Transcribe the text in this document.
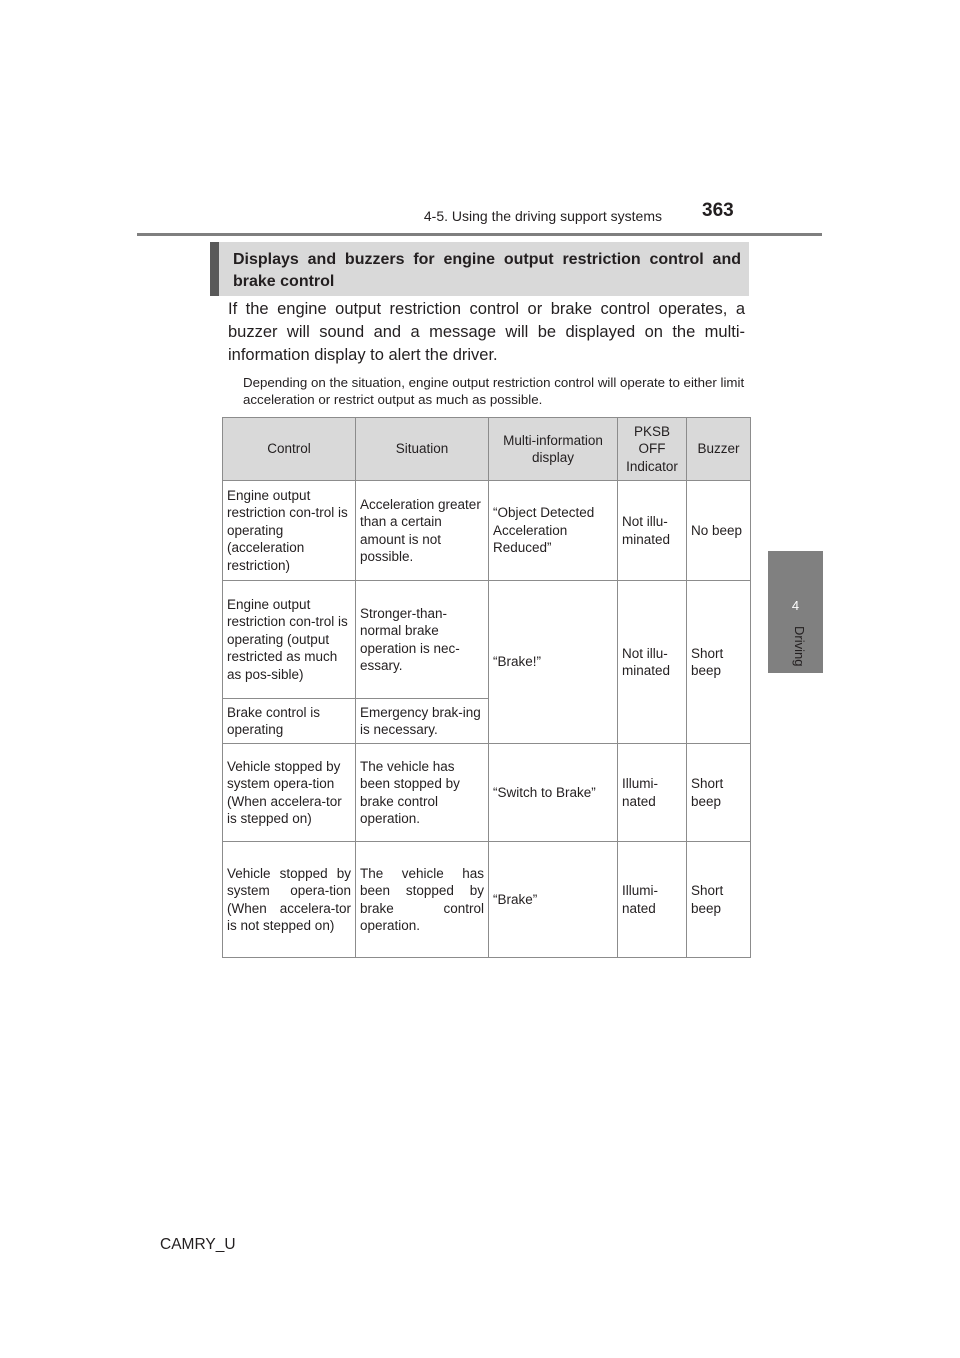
4-5. Using the driving support systems 363
4
Driving
Displays and buzzers for engine output restriction control and brake control
If the engine output restriction control or brake control operates, a buzzer will sound and a message will be displayed on the multi-information display to alert the driver.
Depending on the situation, engine output restriction control will operate to either limit acceleration or restrict output as much as possible.
Control	Situation	Multi-information display	PKSB OFF Indicator	Buzzer
Engine output restriction con-trol is operating (acceleration restriction)	Acceleration greater than a certain amount is not possible.	“Object Detected Acceleration Reduced”	Not illu-minated	No beep
Engine output restriction con-trol is operating (output restricted as much as pos-sible)	Stronger-than-normal brake operation is nec-essary.	“Brake!”	Not illu-minated	Short beep
Brake control is operating	Emergency brak-ing is necessary.			
Vehicle stopped by system opera-tion (When accelera-tor is stepped on)	The vehicle has been stopped by brake control operation.	“Switch to Brake”	Illumi-nated	Short beep
Vehicle stopped by system opera-tion (When accelera-tor is not stepped on)	The vehicle has been stopped by brake control operation.	“Brake”	Illumi-nated	Short beep
CAMRY_U
